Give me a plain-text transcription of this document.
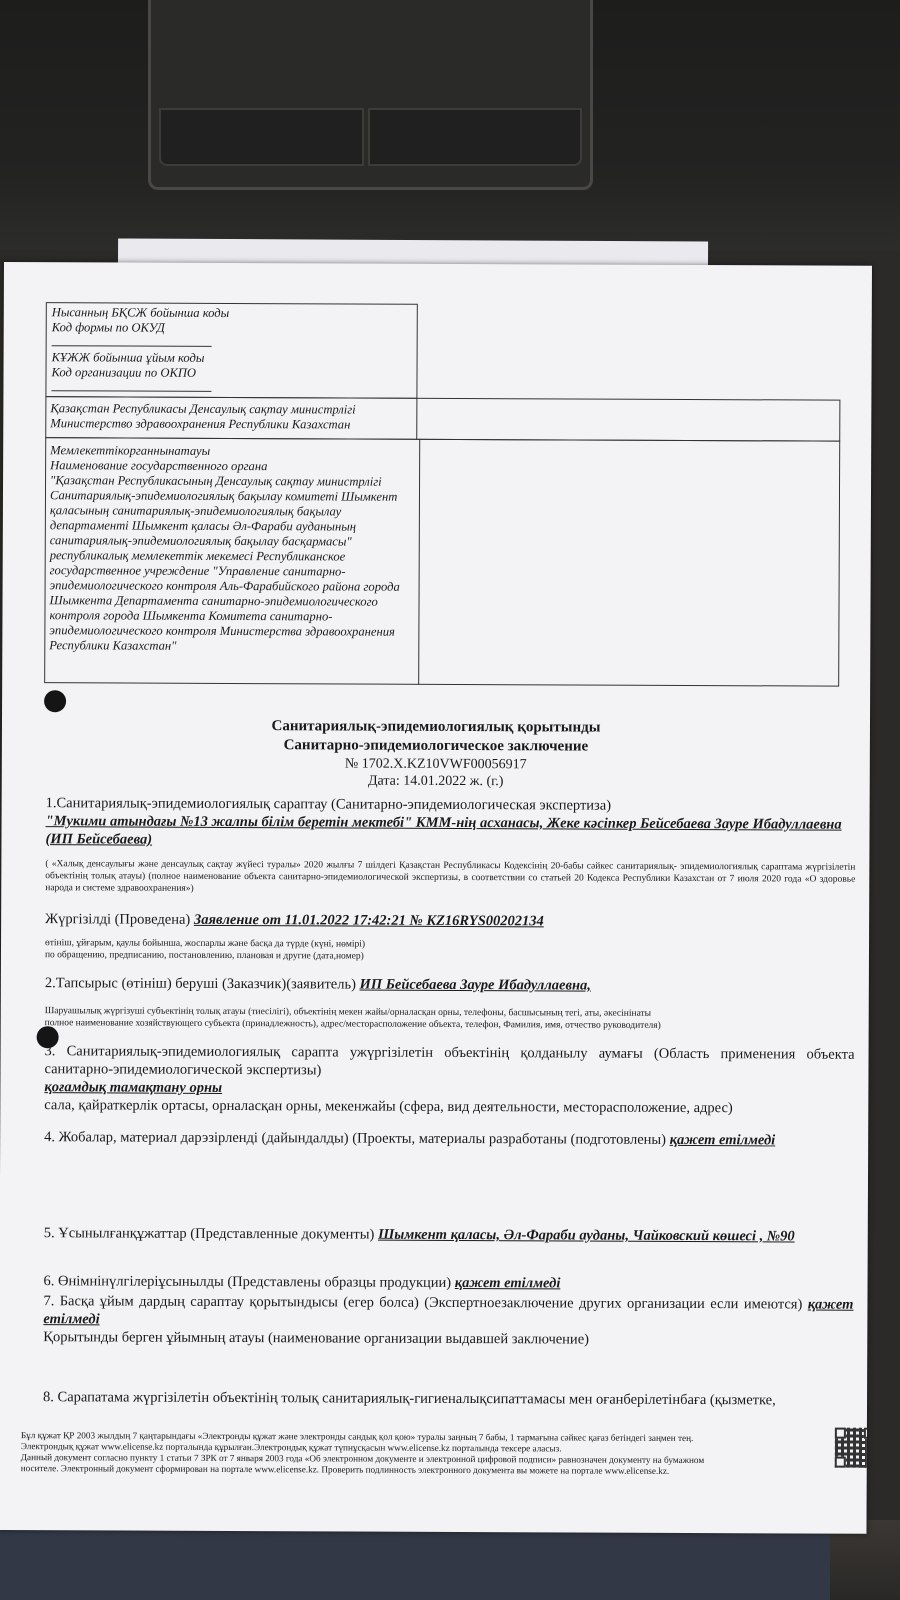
Нысанның БҚСЖ бойынша коды
Код формы по ОКУД
КҰЖЖ бойынша ұйым коды
Код организации по ОКПО
Қазақстан Республикасы Денсаулық сақтау министрлігі
Министерство здравоохранения Республики Казахстан
Мемлекеттікорганнынатауы
Наименование государственного органа
"Қазақстан Республикасының Денсаулық сақтау министрлігі Санитариялық-эпидемиологиялық бақылау комитеті Шымкент қаласының санитариялық-эпидемиологиялық бақылау департаменті Шымкент қаласы Әл-Фараби ауданының санитариялық-эпидемиологиялық бақылау басқармасы" республикалық мемлекеттік мекемесі Республиканское государственное учреждение "Управление санитарно-эпидемиологического контроля Аль-Фарабийского района города Шымкента Департамента санитарно-эпидемиологического контроля города Шымкента Комитета санитарно-эпидемиологического контроля Министерства здравоохранения Республики Казахстан"
Санитариялық-эпидемиологиялық қорытынды
Санитарно-эпидемиологическое заключение
№ 1702.X.KZ10VWF00056917
Дата: 14.01.2022 ж. (г.)
1.Санитариялық-эпидемиологиялық сараптау (Санитарно-эпидемиологическая экспертиза)
"Мукими атындағы №13 жалпы білім беретін мектебі" КММ-нің асханасы, Жеке кәсіпкер Бейсебаева Зауре Ибадуллаевна (ИП Бейсебаева)
( «Халық денсаулығы және денсаулық сақтау жүйесі туралы» 2020 жылғы 7 шілдегі Қазақстан Республикасы Кодексінің 20-бабы сәйкес санитариялық- эпидемиологиялық сараптама жүргізілетін объектінің толық атауы) (полное наименование объекта санитарно-эпидемиологической экспертизы, в соответствии со статьей 20 Кодекса Республики Казахстан от 7 июля 2020 года «О здоровье народа и системе здравоохранения»)
Жүргізілді (Проведена) Заявление от 11.01.2022 17:42:21 № KZ16RYS00202134
өтініш, ұйғарым, қаулы бойынша, жоспарлы және басқа да түрде (күні, нөмірі)
по обращению, предписанию, постановлению, плановая и другие (дата,номер)
2.Тапсырыс (өтініш) беруші (Заказчик)(заявитель) ИП Бейсебаева Зауре Ибадуллаевна,
Шаруашылық жүргізуші субъектінің толық атауы (тиесілігі), объектінің мекен жайы/орналасқан орны, телефоны, басшысының тегі, аты, әкесінінаты
полное наименование хозяйствующего субъекта (принадлежность), адрес/месторасположение объекта, телефон, Фамилия, имя, отчество руководителя)
3. Санитариялық-эпидемиологиялық сарапта ужүргізілетін объектінің қолданылу аумағы (Область применения объекта санитарно-эпидемиологической экспертизы)
қоғамдық тамақтану орны
сала, қайраткерлік ортасы, орналасқан орны, мекенжайы (сфера, вид деятельности, месторасположение, адрес)
4. Жобалар, материал дарэзірленді (дайындалды) (Проекты, материалы разработаны (подготовлены) қажет етілмеді
5. Ұсынылғанқұжаттар (Представленные документы) Шымкент қаласы, Әл-Фараби ауданы, Чайковский көшесі , №90
6. Өнімнінүлгілеріұсынылды (Представлены образцы продукции) қажет етілмеді
7. Басқа ұйым дардың сараптау қорытындысы (егер болса) (Экспертноезаключение других организации если имеются) қажет етілмеді
Қорытынды берген ұйымның атауы (наименование организации выдавшей заключение)
8. Сарапатама жүргізілетін объектінің толық санитариялық-гигиеналықсипаттамасы мен оғанберілетінбаға (қызметке,
Бұл құжат ҚР 2003 жылдың 7 қаңтарындағы «Электронды құжат және электронды сандық қол қою» туралы заңның 7 бабы, 1 тармағына сәйкес қағаз бетіндегі заңмен тең.
Электрондық құжат www.elicense.kz порталында құрылған.Электрондық құжат түпнұсқасын www.elicense.kz порталында тексере аласыз.
Данный документ согласно пункту 1 статьи 7 ЗРК от 7 января 2003 года «Об электронном документе и электронной цифровой подписи» равнозначен документу на бумажном
носителе. Электронный документ сформирован на портале www.elicense.kz. Проверить подлинность электронного документа вы можете на портале www.elicense.kz.
